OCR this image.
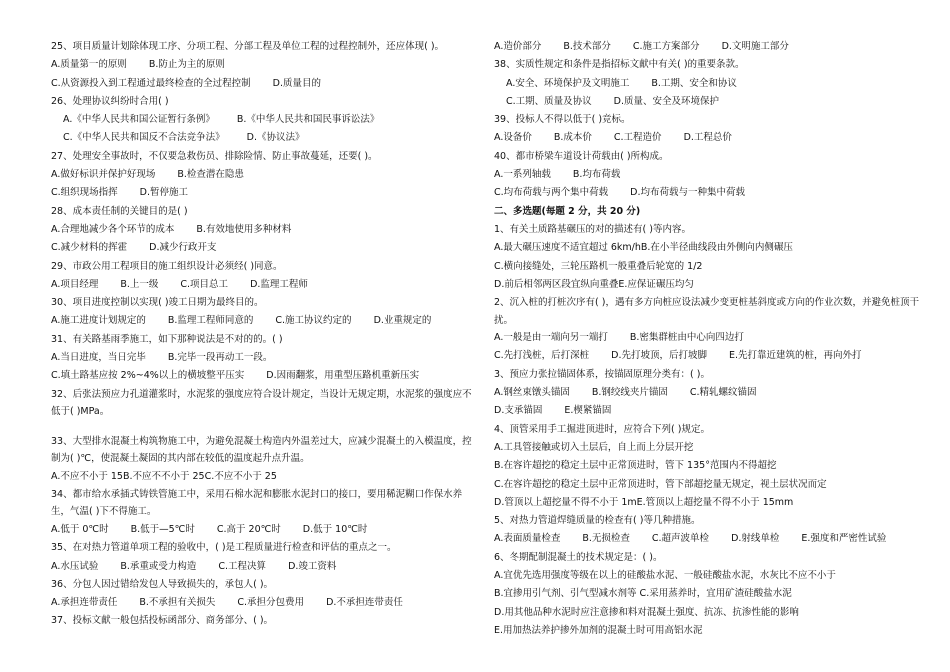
25、项目质量计划除体现工序、分项工程、分部工程及单位工程的过程控制外，还应体现( )。
A.质量第一的原则 B.防止为主的原则
C.从资源投入到工程通过最终检查的全过程控制 D.质量目的
26、处理协议纠纷时合用( )
A.《中华人民共和国公证暂行条例》 B.《中华人民共和国民事诉讼法》
C.《中华人民共和国反不合法竞争法》 D.《协议法》
27、处理安全事故时，不仅要急救伤员、排除险情、防止事故蔓延，还要( )。
A.做好标识并保护好现场 B.检查潜在隐患
C.组织现场指挥 D.暂停施工
28、成本责任制的关键目的是( )
A.合理地减少各个环节的成本 B.有效地使用多种材料
C.减少材料的挥霍 D.减少行政开支
29、市政公用工程项目的施工组织设计必须经( )同意。
A.项目经理 B.上一级 C.项目总工 D.监理工程师
30、项目进度控制以实现( )竣工日期为最终目的。
A.施工进度计划规定的 B.监理工程师同意的 C.施工协议约定的 D.业重规定的
31、有关路基雨季施工，如下那种说法是不对的的。( )
A.当日进度，当日完毕 B.完毕一段再动工一段。
C.填土路基应按 2%~4%以上的横坡整平压实 D.因雨翻浆，用重型压路机重新压实
32、后张法预应力孔道灌浆时，水泥浆的强度应符合设计规定，当设计无规定期，水泥浆的强度应不低于( )MPa。
33、大型排水混凝土构筑物施工中，为避免混凝土构造内外温差过大，应减少混凝土的入模温度，控制为( )℃，使混凝土凝固的其内部在较低的温度起升点升温。
A.不应不小于 15B.不应不不小于 25C.不应不小于 25
34、都市给水承插式铸铁管施工中，采用石棉水泥和膨胀水泥封口的接口，要用稀泥糊口作保水养生，气温( )下不得施工。
A.低于 0℃时 B.低于—5℃时 C.高于 20℃时 D.低于 10℃时
35、在对热力管道单项工程的验收中，( )是工程质量进行检查和评估的重点之一。
A.水压试验 B.承重或受力构造 C.工程决算 D.竣工资料
36、分包人因过错给发包人导致损失的，承包人( )。
A.承担连带责任 B.不承担有关损失 C.承担分包费用 D.不承担连带责任
37、投标文献一般包括投标函部分、商务部分、( )。
A.造价部分 B.技术部分 C.施工方案部分 D.文明施工部分
38、实质性规定和条件是指招标文献中有关( )的重要条款。
A.安全、环境保护及文明施工 B.工期、安全和协议
C.工期、质量及协议 D.质量、安全及环境保护
39、投标人不得以低于( )竞标。
A.设备价 B.成本价 C.工程造价 D.工程总价
40、都市桥梁车道设计荷载由( )所构成。
A.一系列轴载 B.均布荷载
C.均布荷载与两个集中荷载 D.均布荷载与一种集中荷载
二、多选题(每题 2 分，共 20 分)
1、有关土质路基碾压的对的描述有( )等内容。
A.最大碾压速度不适宜超过 6km/hB.在小半径曲线段由外侧向内侧碾压
C.横向接缝处，三轮压路机一般重叠后轮宽的 1/2
D.前后相邻两区段宜纵向重叠E.应保证碾压均匀
2、沉入桩的打桩次序有( )，遇有多方向桩应设法减少变更桩基斜度或方向的作业次数，并避免桩顶干扰。
A.一般是由一端向另一端打 B.密集群桩由中心向四边打
C.先打浅桩，后打深桩 D.先打坡顶，后打坡脚 E.先打靠近建筑的桩，再向外打
3、预应力张拉锚固体系，按锚固原理分类有：( )。
A.钢丝束镦头锚固 B.钢绞线夹片锚固 C.精轧螺纹锚固
D.支承锚固 E.楔紧锚固
4、顶管采用手工掘进顶进时，应符合下列( )规定。
A.工具管接触或切入土层后，自上而上分层开挖
B.在容许超挖的稳定土层中正常顶进时，管下 135°范围内不得超挖
C.在容许超挖的稳定土层中正常顶进时，管下部超挖量无规定，视土层状况而定
D.管顶以上超挖量不得不小于 1mE.管顶以上超挖量不得不小于 15mm
5、对热力管道焊缝质量的检查有( )等几种措施。
A.表面质量检查 B.无损检查 C.超声波单检 D.射线单检 E.强度和严密性试验
6、冬期配制混凝土的技术规定是：( )。
A.宜优先选用强度等级在以上的硅酸盐水泥、一般硅酸盐水泥，水灰比不应不小于
B.宜掺用引气剂、引气型减水剂等 C.采用蒸养时，宜用矿渣硅酸盐水泥
D.用其他品种水泥时应注意掺和料对混凝土强度、抗冻、抗渗性能的影响
E.用加热法养护掺外加剂的混凝土时可用高铝水泥
